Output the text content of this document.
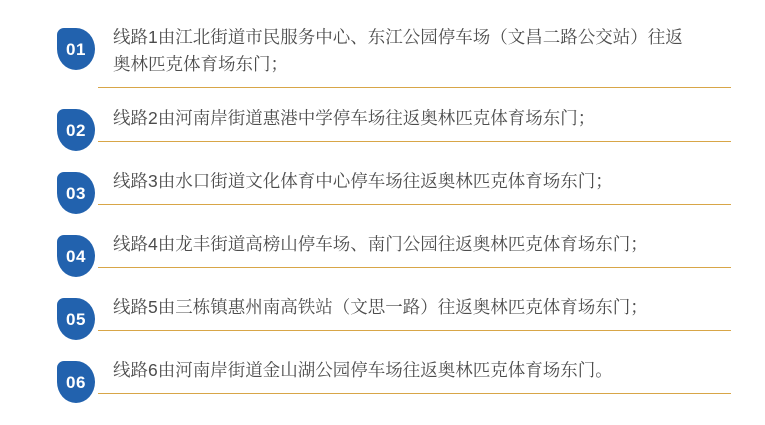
01

线路1由江北街道市民服务中心、东江公园停车场（文昌二路公交站）往返奥林匹克体育场东门；

02

线路2由河南岸街道惠港中学停车场往返奥林匹克体育场东门；

03

线路3由水口街道文化体育中心停车场往返奥林匹克体育场东门；

04

线路4由龙丰街道高榜山停车场、南门公园往返奥林匹克体育场东门；

05

线路5由三栋镇惠州南高铁站（文思一路）往返奥林匹克体育场东门；

06

线路6由河南岸街道金山湖公园停车场往返奥林匹克体育场东门。
